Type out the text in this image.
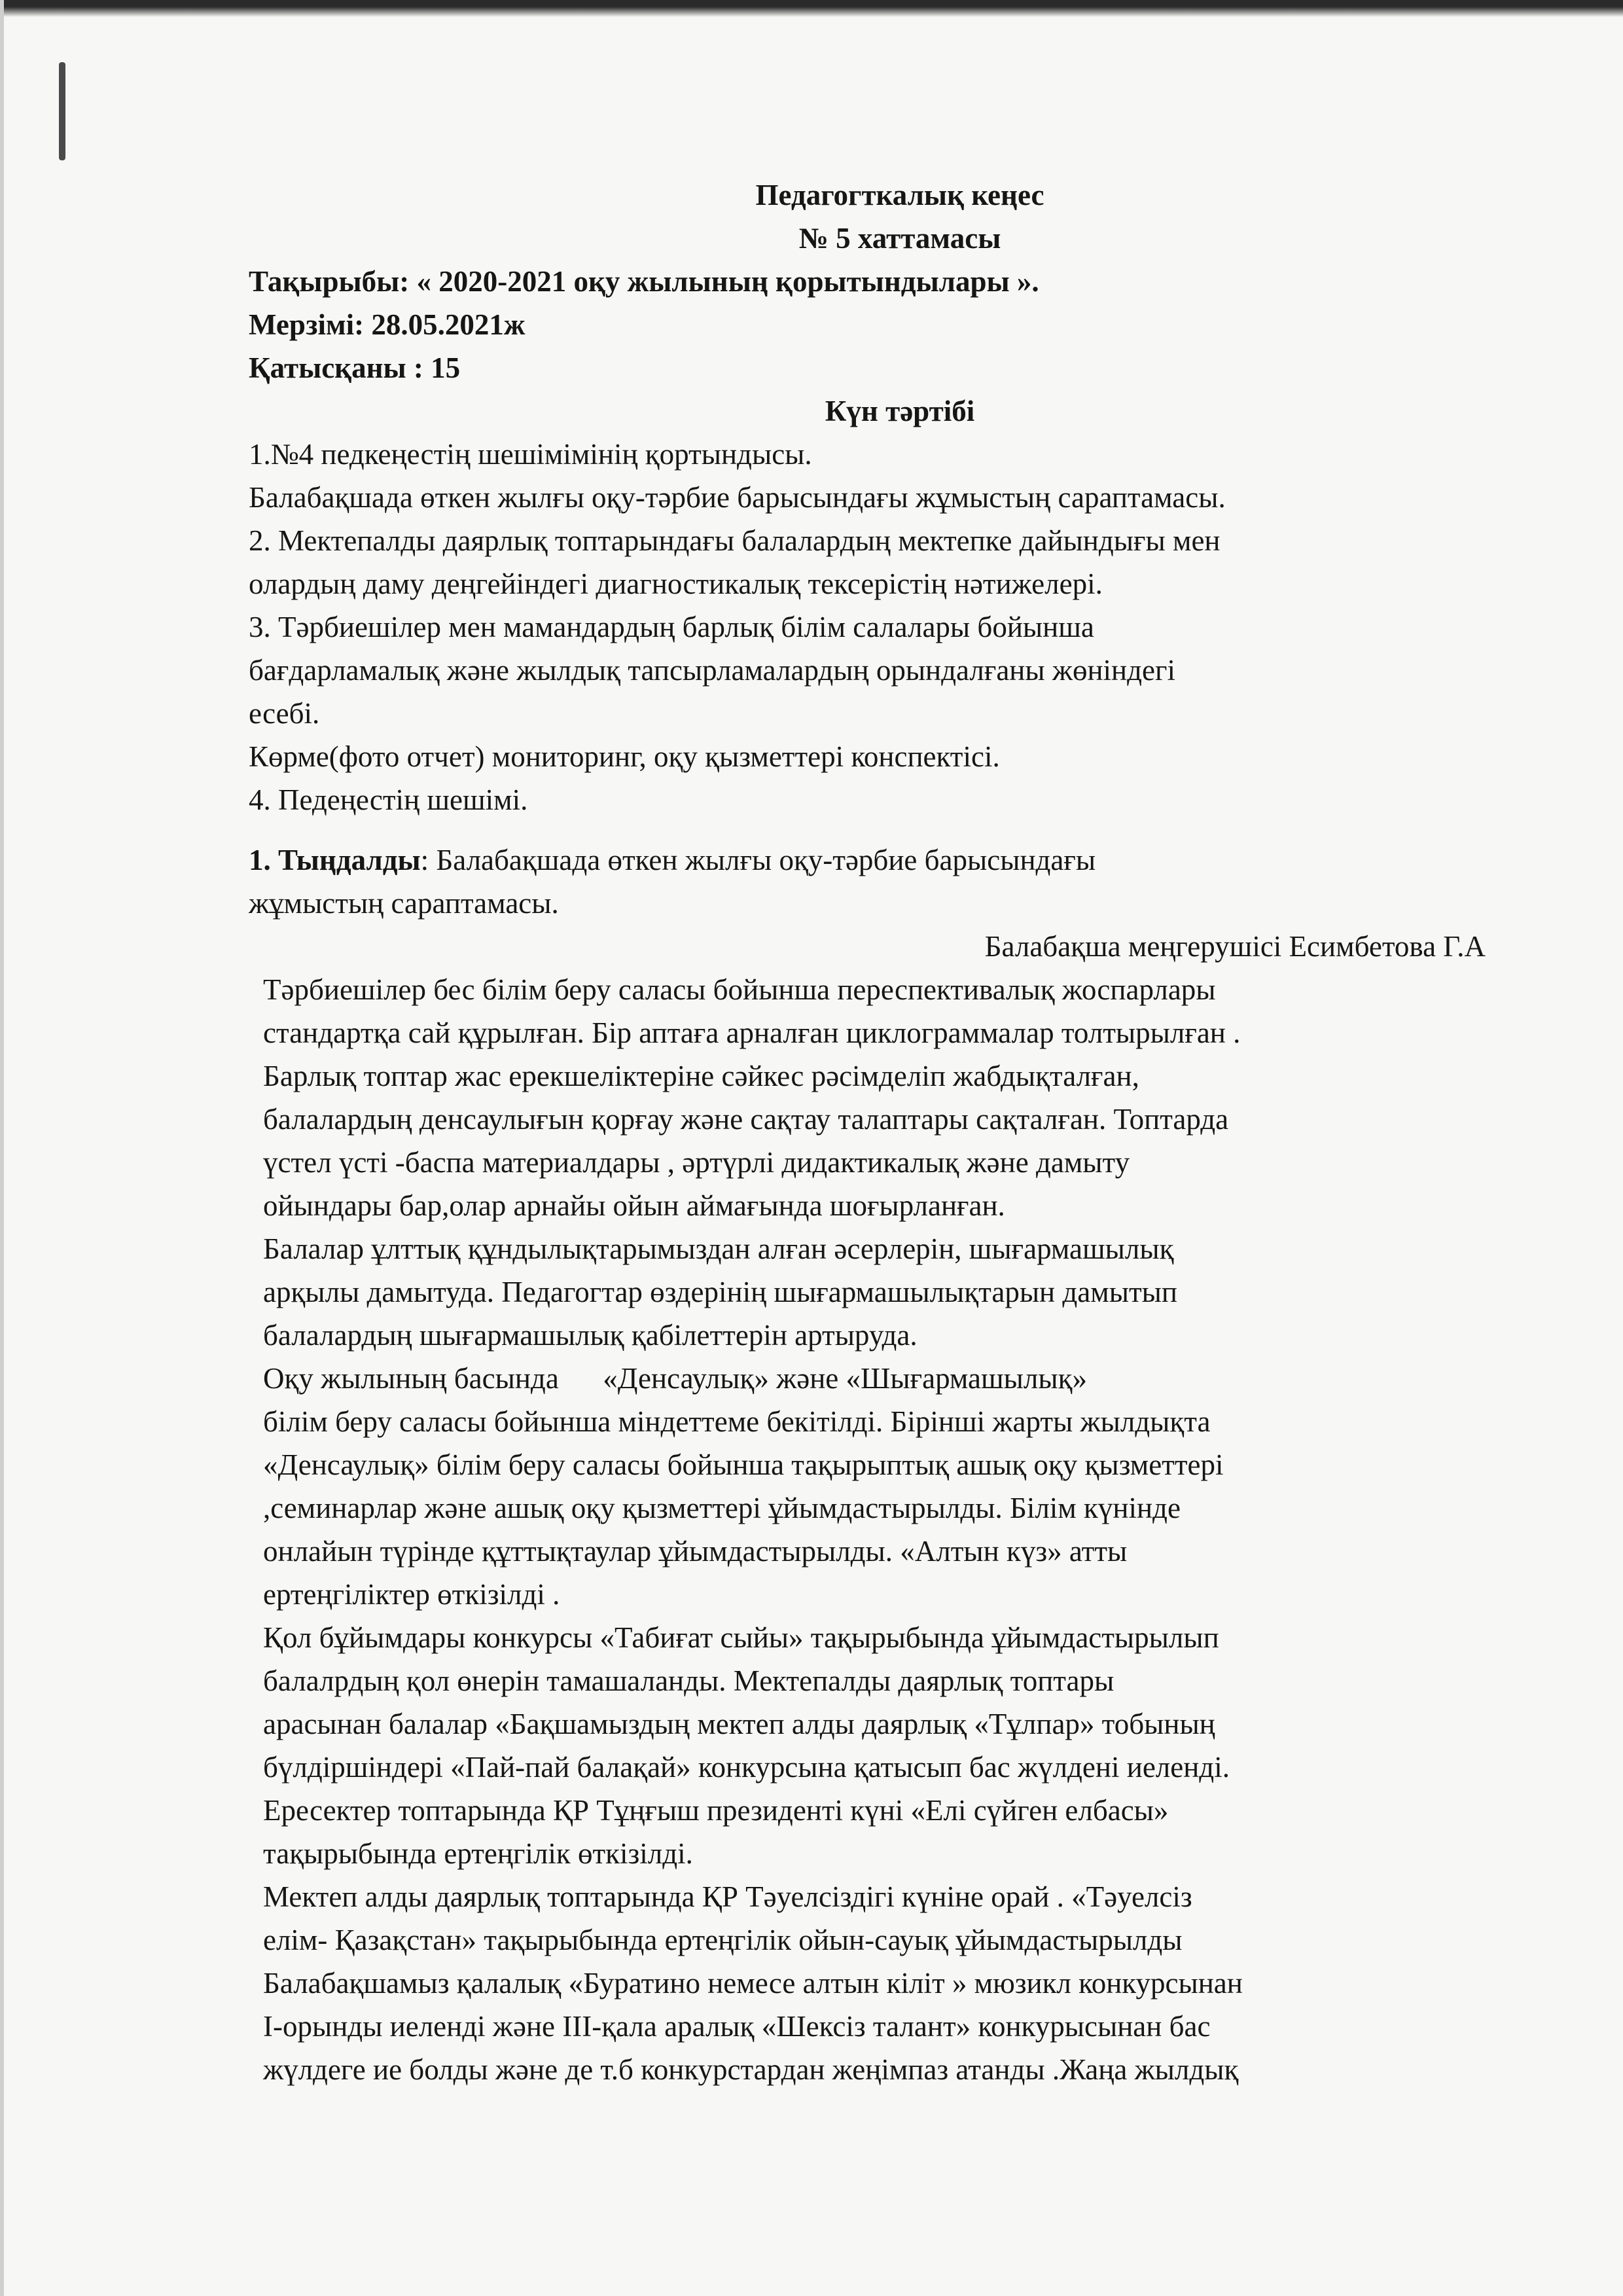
Педагогткалық кеңес
№ 5 хаттамасы
Тақырыбы: « 2020-2021 оқу жылының қорытындылары ».
Мерзімі: 28.05.2021ж
Қатысқаны : 15
Күн тәртібі
1.№4 педкеңестің шешімімінің қортындысы.
Балабақшада өткен жылғы оқу-тәрбие барысындағы жұмыстың сараптамасы.
2. Мектепалды даярлық топтарындағы балалардың мектепке дайындығы мен
олардың даму деңгейіндегі диагностикалық тексерістің нәтижелері.
3. Тәрбиешілер мен мамандардың барлық білім салалары бойынша
бағдарламалық және жылдық тапсырламалардың орындалғаны жөніндегі
есебі.
Көрме(фото отчет) мониторинг, оқу қызметтері конспектісі.
4. Педеңестің шешімі.
1. Тыңдалды: Балабақшада өткен жылғы оқу-тәрбие барысындағы
жұмыстың сараптамасы.
Балабақша меңгерушісі Есимбетова Г.А
Тәрбиешілер бес білім беру саласы бойынша переспективалық жоспарлары
стандартқа сай құрылған. Бір аптаға арналған циклограммалар толтырылған .
Барлық топтар жас ерекшеліктеріне сәйкес рәсімделіп жабдықталған,
балалардың денсаулығын қорғау және сақтау талаптары сақталған. Топтарда
үстел үсті -баспа материалдары , әртүрлі дидактикалық және дамыту
ойындары бар,олар арнайы ойын аймағында шоғырланған.
Балалар ұлттық құндылықтарымыздан алған әсерлерін, шығармашылық
арқылы дамытуда. Педагогтар өздерінің шығармашылықтарын дамытып
балалардың шығармашылық қабілеттерін артыруда.
Оқу жылының басында      «Денсаулық» және «Шығармашылық»
білім беру саласы бойынша міндеттеме бекітілді. Бірінші жарты жылдықта
«Денсаулық» білім беру саласы бойынша тақырыптық ашық оқу қызметтері
,семинарлар және ашық оқу қызметтері ұйымдастырылды. Білім күнінде
онлайын түрінде құттықтаулар ұйымдастырылды. «Алтын күз» атты
ертеңгіліктер өткізілді .
Қол бұйымдары конкурсы «Табиғат сыйы» тақырыбында ұйымдастырылып
балалрдың қол өнерін тамашаланды. Мектепалды даярлық топтары
арасынан балалар «Бақшамыздың мектеп алды даярлық «Тұлпар» тобының
бүлдіршіндері «Пай-пай балақай» конкурсына қатысып бас жүлдені иеленді.
Ересектер топтарында ҚР Тұңғыш президенті күні «Елі сүйген елбасы»
тақырыбында ертеңгілік өткізілді.
Мектеп алды даярлық топтарында ҚР Тәуелсіздігі күніне орай . «Тәуелсіз
елім- Қазақстан» тақырыбында ертеңгілік ойын-сауық ұйымдастырылды
Балабақшамыз қалалық «Буратино немесе алтын кіліт » мюзикл конкурсынан
І-орынды иеленді және ІІІ-қала аралық «Шексіз талант» конкурысынан бас
жүлдеге ие болды және де т.б конкурстардан жеңімпаз атанды .Жаңа жылдық
